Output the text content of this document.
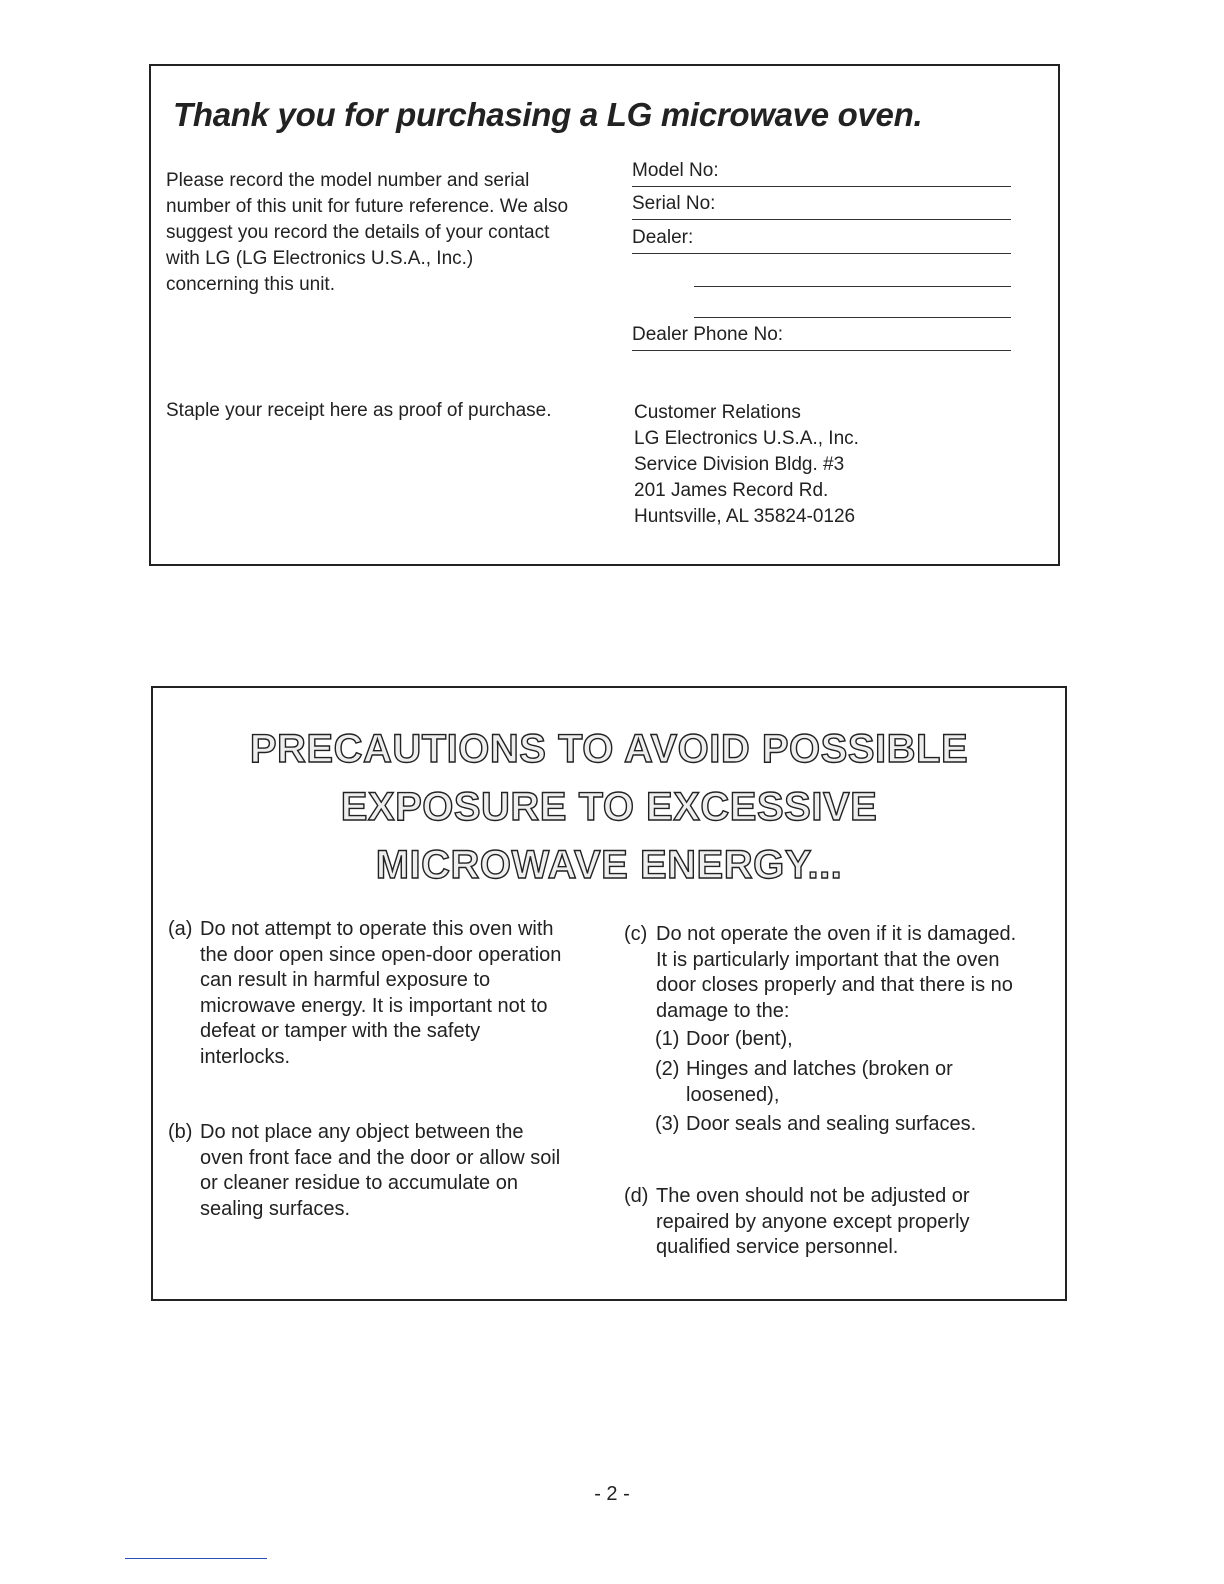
Thank you for purchasing a LG microwave oven.
Please record the model number and serial
number of this unit for future reference. We also
suggest you record the details of your contact
with LG (LG Electronics U.S.A., Inc.)
concerning this unit.
Staple your receipt here as proof of purchase.
Model No:
Serial No:
Dealer:
Dealer Phone No:
Customer Relations
LG Electronics U.S.A., Inc.
Service Division Bldg. #3
201 James Record Rd.
Huntsville, AL 35824-0126
PRECAUTIONS TO AVOID POSSIBLE
EXPOSURE TO EXCESSIVE
MICROWAVE ENERGY...
(a) Do not attempt to operate this oven with
the door open since open-door operation
can result in harmful exposure to
microwave energy. It is important not to
defeat or tamper with the safety
interlocks.
(b) Do not place any object between the
oven front face and the door or allow soil
or cleaner residue to accumulate on
sealing surfaces.
(c) Do not operate the oven if it is damaged.
It is particularly important that the oven
door closes properly and that there is no
damage to the:
(1) Door (bent),
(2) Hinges and latches (broken or
loosened),
(3) Door seals and sealing surfaces.
(d) The oven should not be adjusted or
repaired by anyone except properly
qualified service personnel.
- 2 -
